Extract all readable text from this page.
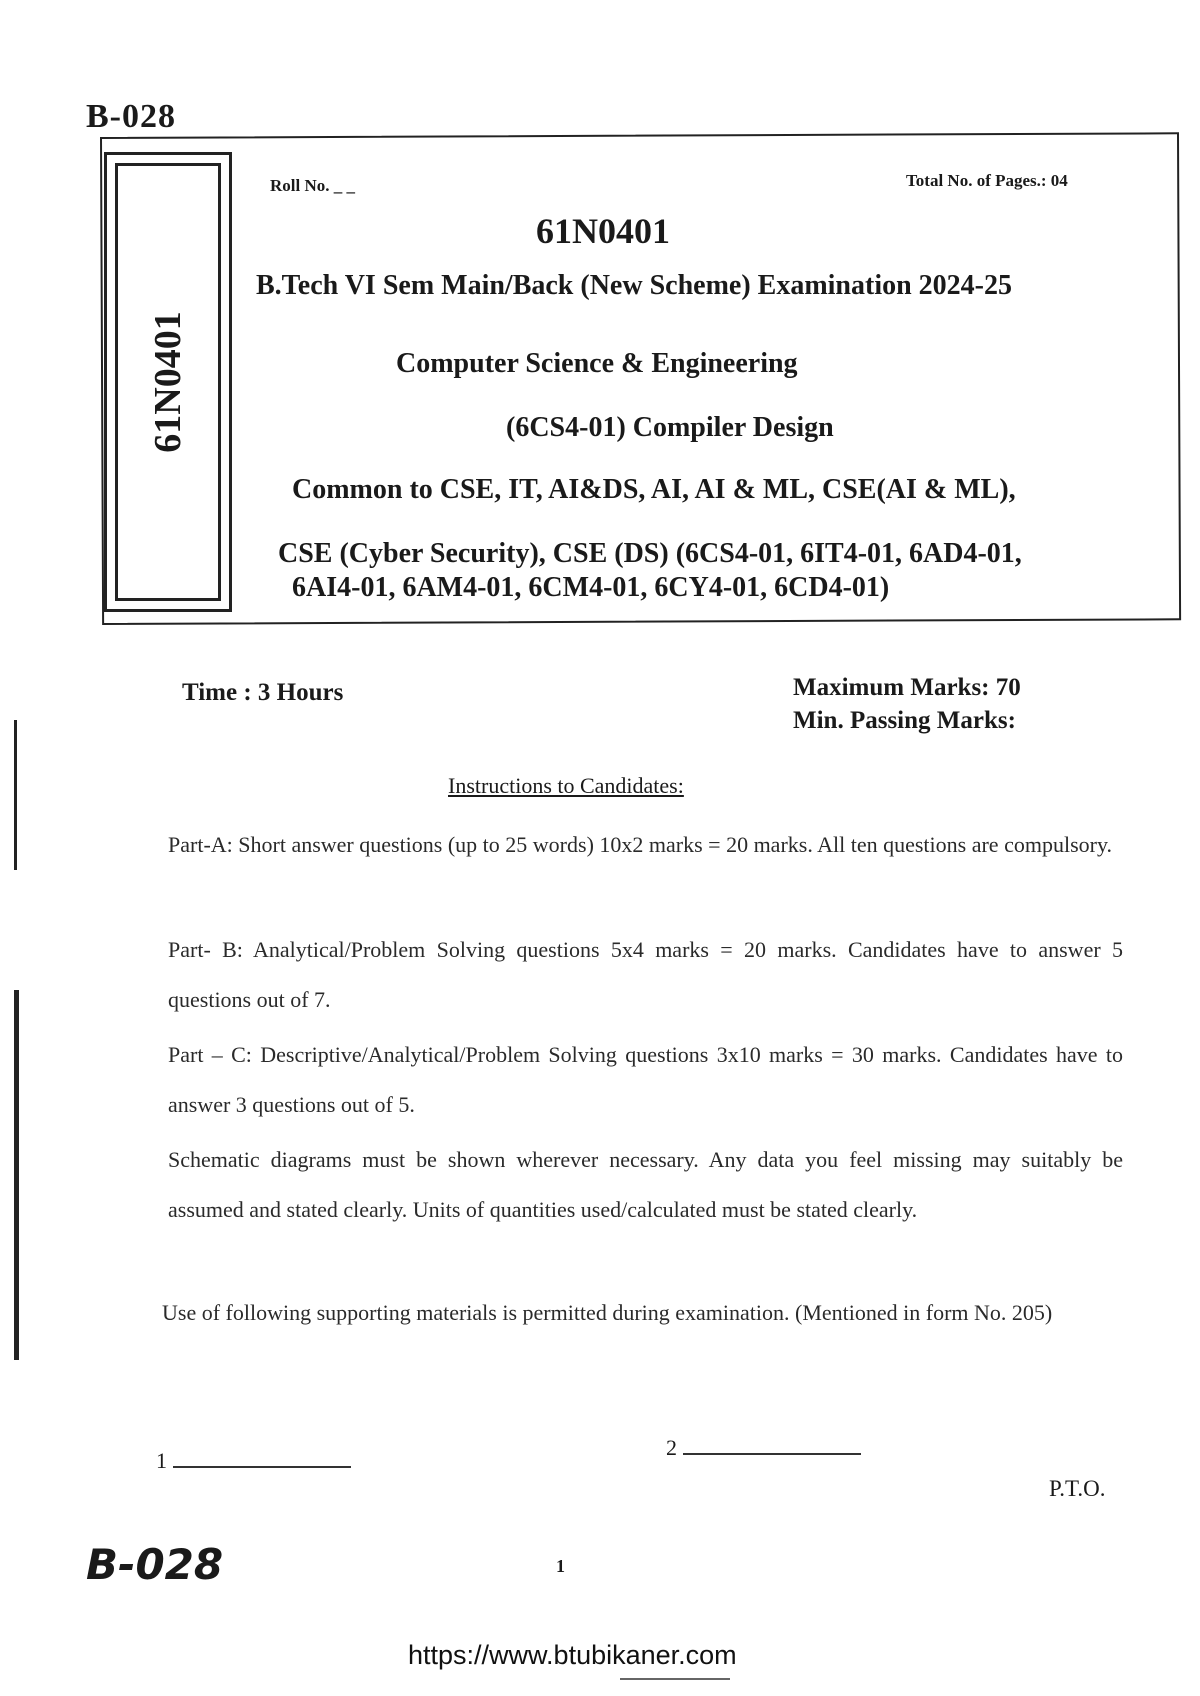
B-028
61N0401
Roll No. _ _	Total No. of Pages.: 04
61N0401
B.Tech VI Sem Main/Back (New Scheme) Examination 2024-25
Computer Science & Engineering
(6CS4-01) Compiler Design
Common to CSE, IT, AI&DS, AI, AI & ML, CSE(AI & ML),
CSE (Cyber Security), CSE (DS) (6CS4-01, 6IT4-01, 6AD4-01,
6AI4-01, 6AM4-01, 6CM4-01, 6CY4-01, 6CD4-01)
Time : 3 Hours	Maximum Marks: 70
Min. Passing Marks:
Instructions to Candidates:
Part-A: Short answer questions (up to 25 words) 10x2 marks = 20 marks. All ten questions are compulsory.
Part- B: Analytical/Problem Solving questions 5x4 marks = 20 marks. Candidates have to answer 5 questions out of 7.
Part – C: Descriptive/Analytical/Problem Solving questions 3x10 marks = 30 marks. Candidates have to answer 3 questions out of 5.
Schematic diagrams must be shown wherever necessary. Any data you feel missing may suitably be assumed and stated clearly. Units of quantities used/calculated must be stated clearly.
Use of following supporting materials is permitted during examination. (Mentioned in form No. 205)
1
2
P.T.O.
B-028	1
https://www.btubikaner.com
